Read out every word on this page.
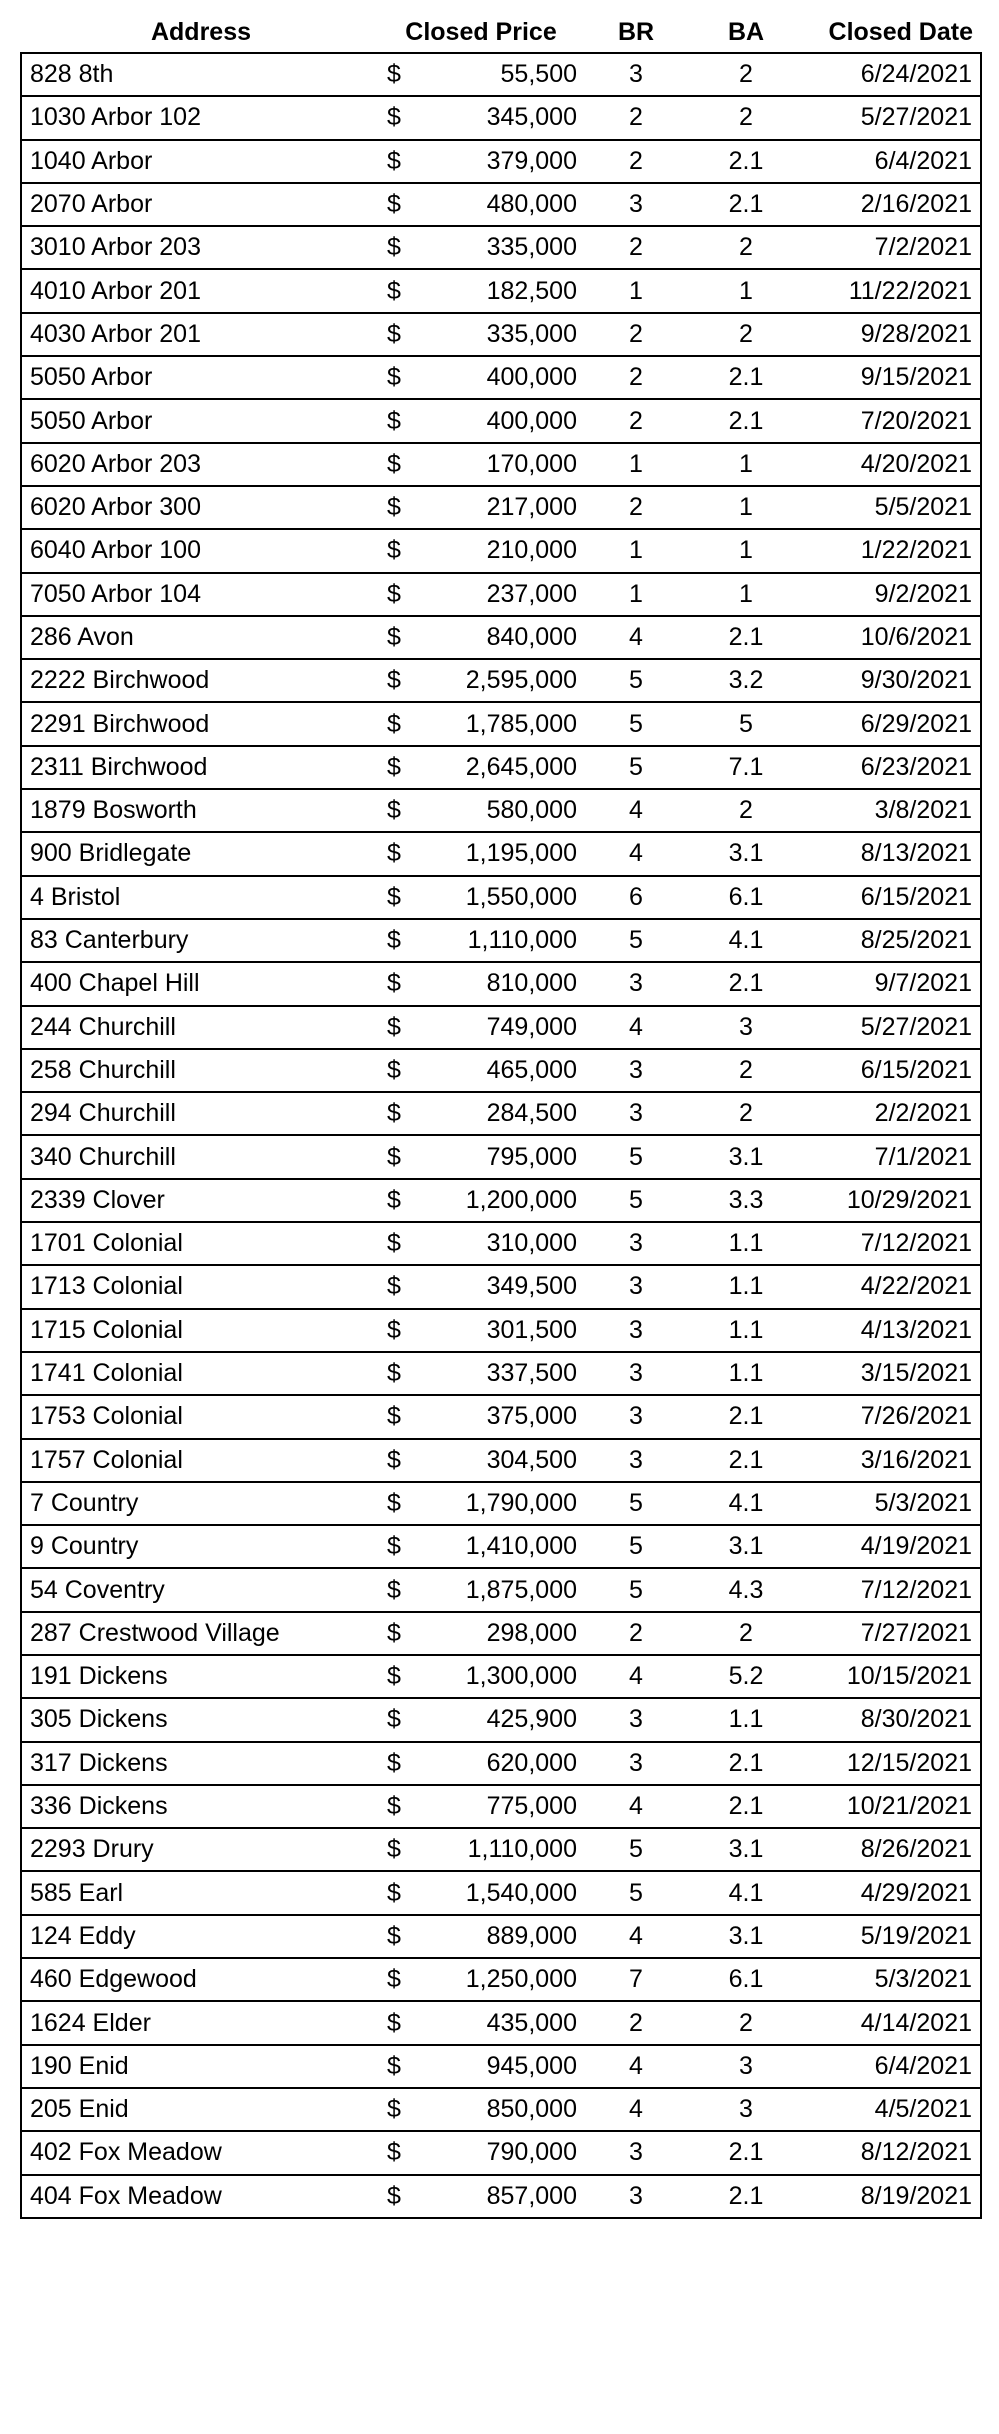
Address	Closed Price	BR	BA	Closed Date
828 8th	$ 55,500	3	2	6/24/2021
1030 Arbor 102	$ 345,000	2	2	5/27/2021
1040 Arbor	$ 379,000	2	2.1	6/4/2021
2070 Arbor	$ 480,000	3	2.1	2/16/2021
3010 Arbor 203	$ 335,000	2	2	7/2/2021
4010 Arbor 201	$ 182,500	1	1	11/22/2021
4030 Arbor 201	$ 335,000	2	2	9/28/2021
5050 Arbor	$ 400,000	2	2.1	9/15/2021
5050 Arbor	$ 400,000	2	2.1	7/20/2021
6020 Arbor 203	$ 170,000	1	1	4/20/2021
6020 Arbor 300	$ 217,000	2	1	5/5/2021
6040 Arbor 100	$ 210,000	1	1	1/22/2021
7050 Arbor 104	$ 237,000	1	1	9/2/2021
286 Avon	$ 840,000	4	2.1	10/6/2021
2222 Birchwood	$ 2,595,000	5	3.2	9/30/2021
2291 Birchwood	$ 1,785,000	5	5	6/29/2021
2311 Birchwood	$ 2,645,000	5	7.1	6/23/2021
1879 Bosworth	$ 580,000	4	2	3/8/2021
900 Bridlegate	$ 1,195,000	4	3.1	8/13/2021
4 Bristol	$ 1,550,000	6	6.1	6/15/2021
83 Canterbury	$ 1,110,000	5	4.1	8/25/2021
400 Chapel Hill	$ 810,000	3	2.1	9/7/2021
244 Churchill	$ 749,000	4	3	5/27/2021
258 Churchill	$ 465,000	3	2	6/15/2021
294 Churchill	$ 284,500	3	2	2/2/2021
340 Churchill	$ 795,000	5	3.1	7/1/2021
2339 Clover	$ 1,200,000	5	3.3	10/29/2021
1701 Colonial	$ 310,000	3	1.1	7/12/2021
1713 Colonial	$ 349,500	3	1.1	4/22/2021
1715 Colonial	$ 301,500	3	1.1	4/13/2021
1741 Colonial	$ 337,500	3	1.1	3/15/2021
1753 Colonial	$ 375,000	3	2.1	7/26/2021
1757 Colonial	$ 304,500	3	2.1	3/16/2021
7 Country	$ 1,790,000	5	4.1	5/3/2021
9 Country	$ 1,410,000	5	3.1	4/19/2021
54 Coventry	$ 1,875,000	5	4.3	7/12/2021
287 Crestwood Village	$ 298,000	2	2	7/27/2021
191 Dickens	$ 1,300,000	4	5.2	10/15/2021
305 Dickens	$ 425,900	3	1.1	8/30/2021
317 Dickens	$ 620,000	3	2.1	12/15/2021
336 Dickens	$ 775,000	4	2.1	10/21/2021
2293 Drury	$ 1,110,000	5	3.1	8/26/2021
585 Earl	$ 1,540,000	5	4.1	4/29/2021
124 Eddy	$ 889,000	4	3.1	5/19/2021
460 Edgewood	$ 1,250,000	7	6.1	5/3/2021
1624 Elder	$ 435,000	2	2	4/14/2021
190 Enid	$ 945,000	4	3	6/4/2021
205 Enid	$ 850,000	4	3	4/5/2021
402 Fox Meadow	$ 790,000	3	2.1	8/12/2021
404 Fox Meadow	$ 857,000	3	2.1	8/19/2021
